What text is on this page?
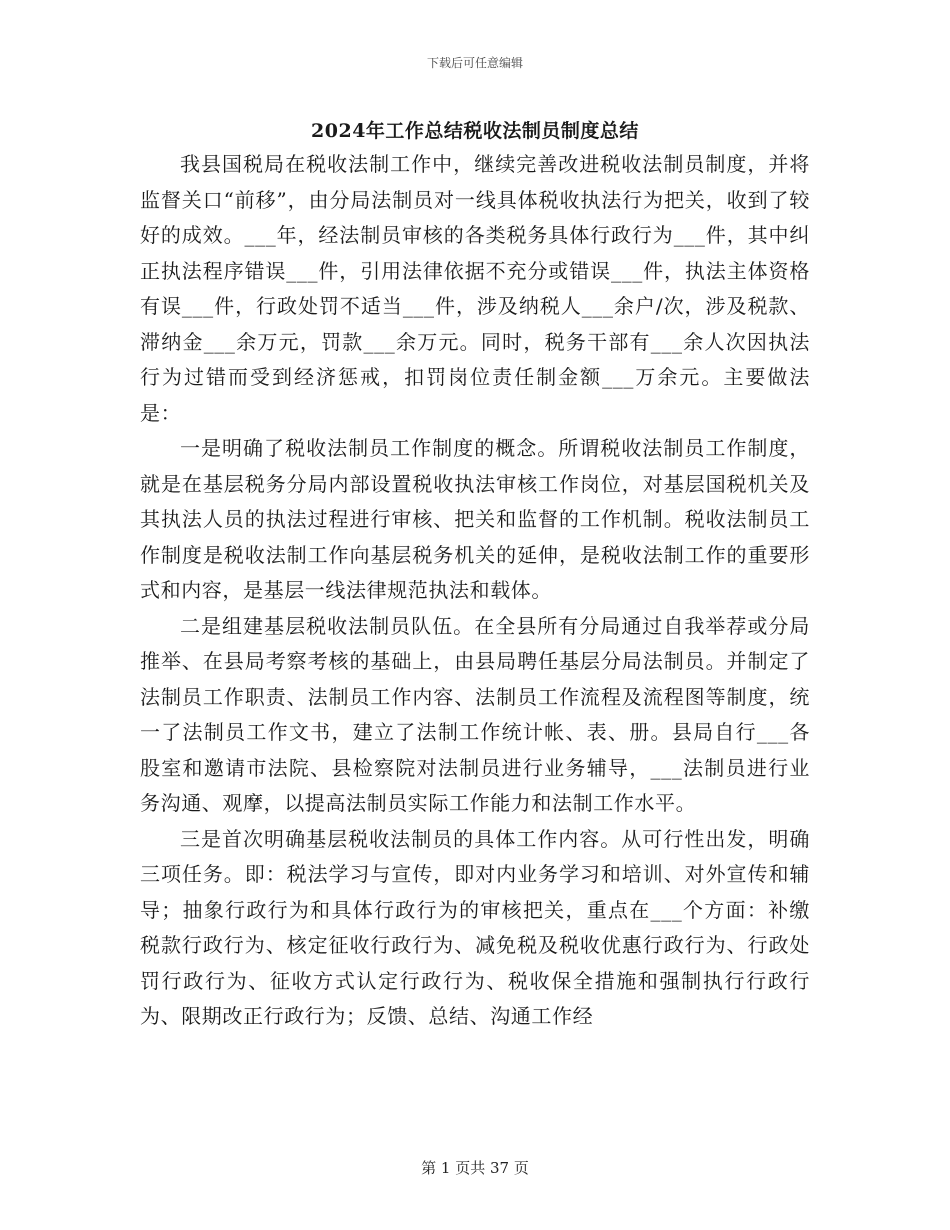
下载后可任意编辑
2024年工作总结税收法制员制度总结

我县国税局在税收法制工作中，继续完善改进税收法制员制度，并将监督关口“前移”，由分局法制员对一线具体税收执法行为把关，收到了较好的成效。___年，经法制员审核的各类税务具体行政行为___件，其中纠正执法程序错误___件，引用法律依据不充分或错误___件，执法主体资格有误___件，行政处罚不适当___件，涉及纳税人___余户/次，涉及税款、滞纳金___余万元，罚款___余万元。同时，税务干部有___余人次因执法行为过错而受到经济惩戒，扣罚岗位责任制金额___万余元。主要做法是：

一是明确了税收法制员工作制度的概念。所谓税收法制员工作制度，就是在基层税务分局内部设置税收执法审核工作岗位，对基层国税机关及其执法人员的执法过程进行审核、把关和监督的工作机制。税收法制员工作制度是税收法制工作向基层税务机关的延伸，是税收法制工作的重要形式和内容，是基层一线法律规范执法和载体。

二是组建基层税收法制员队伍。在全县所有分局通过自我举荐或分局推举、在县局考察考核的基础上，由县局聘任基层分局法制员。并制定了法制员工作职责、法制员工作内容、法制员工作流程及流程图等制度，统一了法制员工作文书，建立了法制工作统计帐、表、册。县局自行___各股室和邀请市法院、县检察院对法制员进行业务辅导，___法制员进行业务沟通、观摩，以提高法制员实际工作能力和法制工作水平。

三是首次明确基层税收法制员的具体工作内容。从可行性出发，明确三项任务。即：税法学习与宣传，即对内业务学习和培训、对外宣传和辅导；抽象行政行为和具体行政行为的审核把关，重点在___个方面：补缴税款行政行为、核定征收行政行为、减免税及税收优惠行政行为、行政处罚行政行为、征收方式认定行政行为、税收保全措施和强制执行行政行为、限期改正行政行为；反馈、总结、沟通工作经

第 1 页共 37 页
